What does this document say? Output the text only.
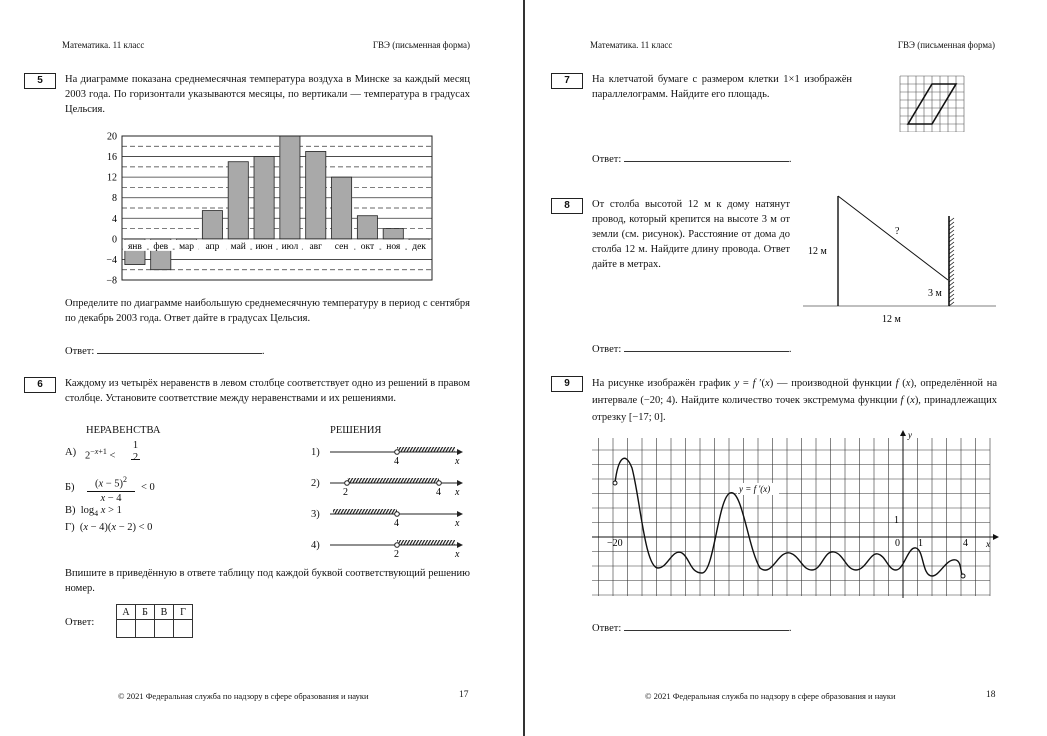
Математика. 11 класс	ГВЭ (письменная форма)
5	На диаграмме показана среднемесячная температура воздуха в Минске за каждый месяц 2003 года. По горизонтали указываются месяцы, по вертикали — температура в градусах Цельсия.
20
16
12
8
4
0
−4
−8
янв фев мар апр май июн июл авг сен окт ноя дек
Определите по диаграмме наибольшую среднемесячную температуру в период с сентября по декабрь 2003 года. Ответ дайте в градусах Цельсия.
Ответ:	.
6	Каждому из четырёх неравенств в левом столбце соответствует одно из решений в правом столбце. Установите соответствие между неравенствами и их решениями.
НЕРАВЕНСТВА	РЕШЕНИЯ
А) $2^{-x+1}$ <
1

2
Б)	$(x - 5)^2$

x − 4
< 0
В)  $\log_4 x > 1$
Г)  (x − 4)(x − 2) < 0
4	x
2	4 x
4	x
2	x
1)
2)
3)
4)
Впишите в приведённую в ответе таблицу под каждой буквой соответствующий решению номер.
Ответ:
А	Б	В	Г

© 2021 Федеральная служба по надзору в сфере образования и науки	17
Математика. 11 класс	ГВЭ (письменная форма)
7	На клетчатой бумаге с размером клетки 1×1 изображён параллелограмм. Найдите его площадь.
Ответ:	.
8	От столба высотой 12 м к дому натянут провод, который крепится на высоте 3 м от земли (см. рисунок). Расстояние от дома до столба 12 м. Найдите длину провода. Ответ дайте в метрах.
12 м
?
3 м
12 м
Ответ:	.
9	На рисунке изображён график y = f ′(x) — производной функции f (x), определённой на интервале (−20; 4). Найдите количество точек экстремума функции f (x), принадлежащих отрезку [−17; 0].
y
x
−20	0 1	4
1
y = f ′(x)
Ответ:	.
© 2021 Федеральная служба по надзору в сфере образования и науки	18
